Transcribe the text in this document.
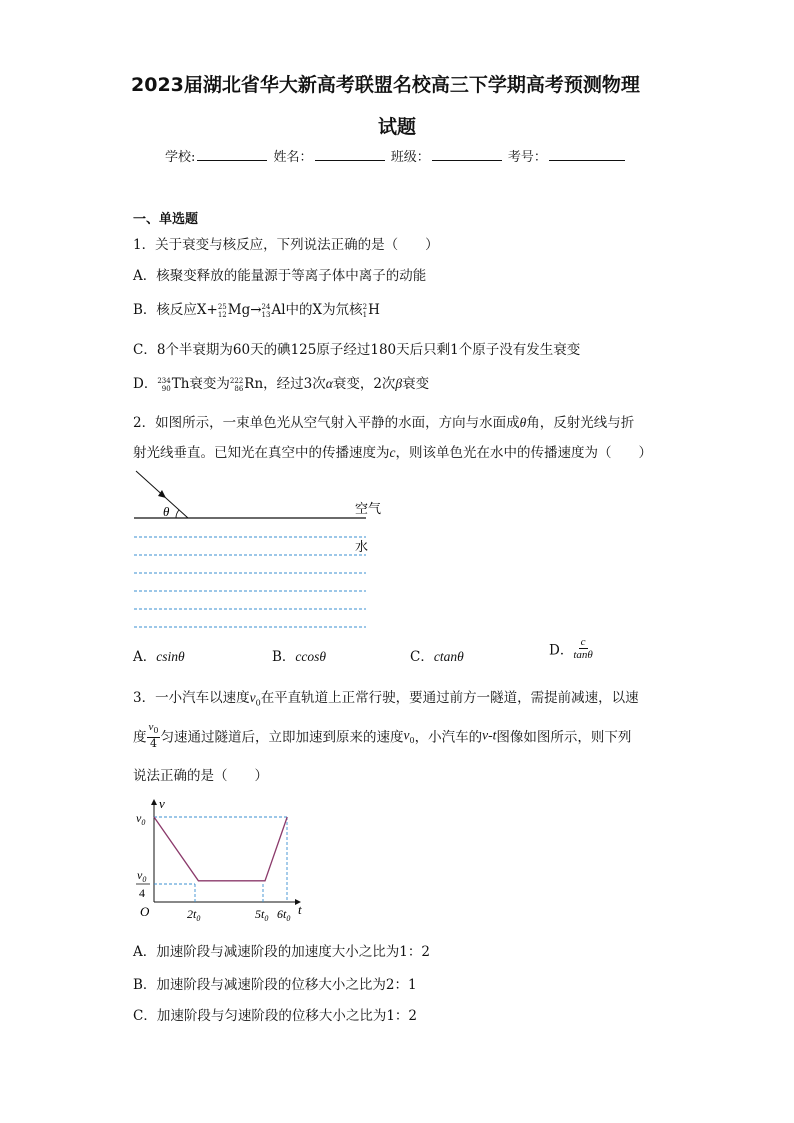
2023届湖北省华大新高考联盟名校高三下学期高考预测物理
试题
学校:	姓名：	班级：	考号：
一、单选题
1．关于衰变与核反应，下列说法正确的是（　　）
A．核聚变释放的能量源于等离子体中离子的动能
B．核反应X+ 25
12 Mg→ 24
13 Al中的X为氘核 2
1 H
C．8个半衰期为60天的碘125原子经过180天后只剩1个原子没有发生衰变
D． 234
90 Th衰变为 222
86 Rn，经过3次α衰变，2次β衰变
2．如图所示，一束单色光从空气射入平静的水面，方向与水面成θ角，反射光线与折
射光线垂直。已知光在真空中的传播速度为c，则该单色光在水中的传播速度为（　　）
θ	空气
水
A．csinθ	B．ccosθ	C．ctanθ	D． $\frac{c}{\tan\theta}$
3．一小汽车以速度$v_0$在平直轨道上正常行驶，要通过前方一隧道，需提前减速，以速
度 $\frac{v_0}{4}$ 匀速通过隧道后，立即加速到原来的速度$v_0$，小汽车的v-t图像如图所示，则下列
说法正确的是（　　）
v
t
O
$v_0$
$v_0$
4
$2t_0$	$5t_0$ $6t_0$
A．加速阶段与减速阶段的加速度大小之比为1：2
B．加速阶段与减速阶段的位移大小之比为2：1
C．加速阶段与匀速阶段的位移大小之比为1：2
